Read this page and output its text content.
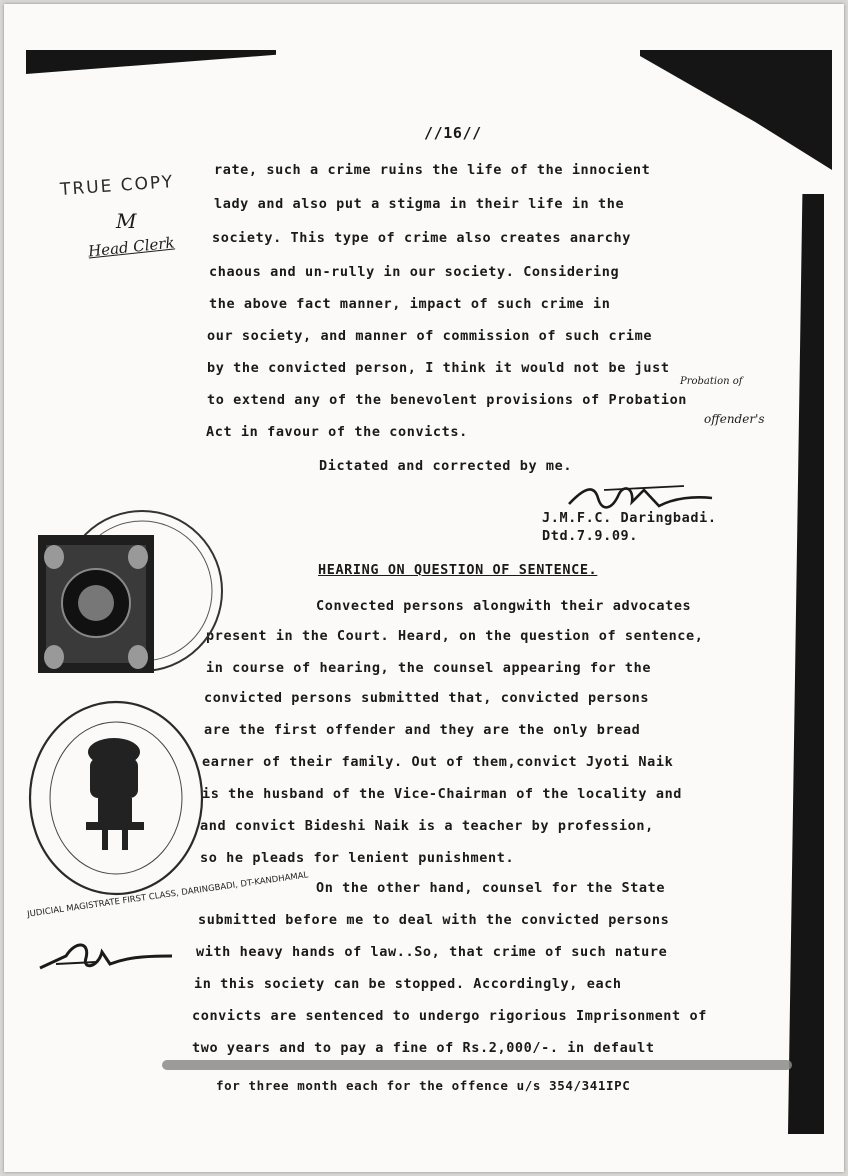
//16//
TRUE COPY
M
Head Clerk
rate, such a crime ruins the life of the innocient
lady and also put a stigma in their life in the
society. This type of crime also creates anarchy
chaous and un-rully in our society. Considering
the above fact manner, impact of such crime in
our society, and manner of commission of such crime
by the convicted person, I think it would not be just
to extend any of the benevolent provisions of Probation
Act in favour of the convicts.
Probation of
offender's
Dictated and corrected by me.
J.M.F.C. Daringbadi.
Dtd.7.9.09.
HEARING ON QUESTION OF SENTENCE.
Convected persons alongwith their advocates
present in the Court. Heard, on the question of sentence,
in course of hearing, the counsel appearing for the
convicted persons submitted that, convicted persons
are the first offender and they are the only bread
earner of their family. Out of them,convict Jyoti Naik
is the husband of the Vice-Chairman of the locality and
and convict Bideshi Naik is a teacher by profession,
so he pleads for lenient punishment.
On the other hand, counsel for the State
submitted before me to deal with the convicted persons
with heavy hands of law..So, that crime of such nature
in this society can be stopped. Accordingly, each
convicts are sentenced to undergo rigorious Imprisonment of
two years and to pay a fine of Rs.2,000/-. in default
for three month each for the offence u/s 354/341IPC
JUDICIAL MAGISTRATE FIRST CLASS, DARINGBADI, DT-KANDHAMAL
